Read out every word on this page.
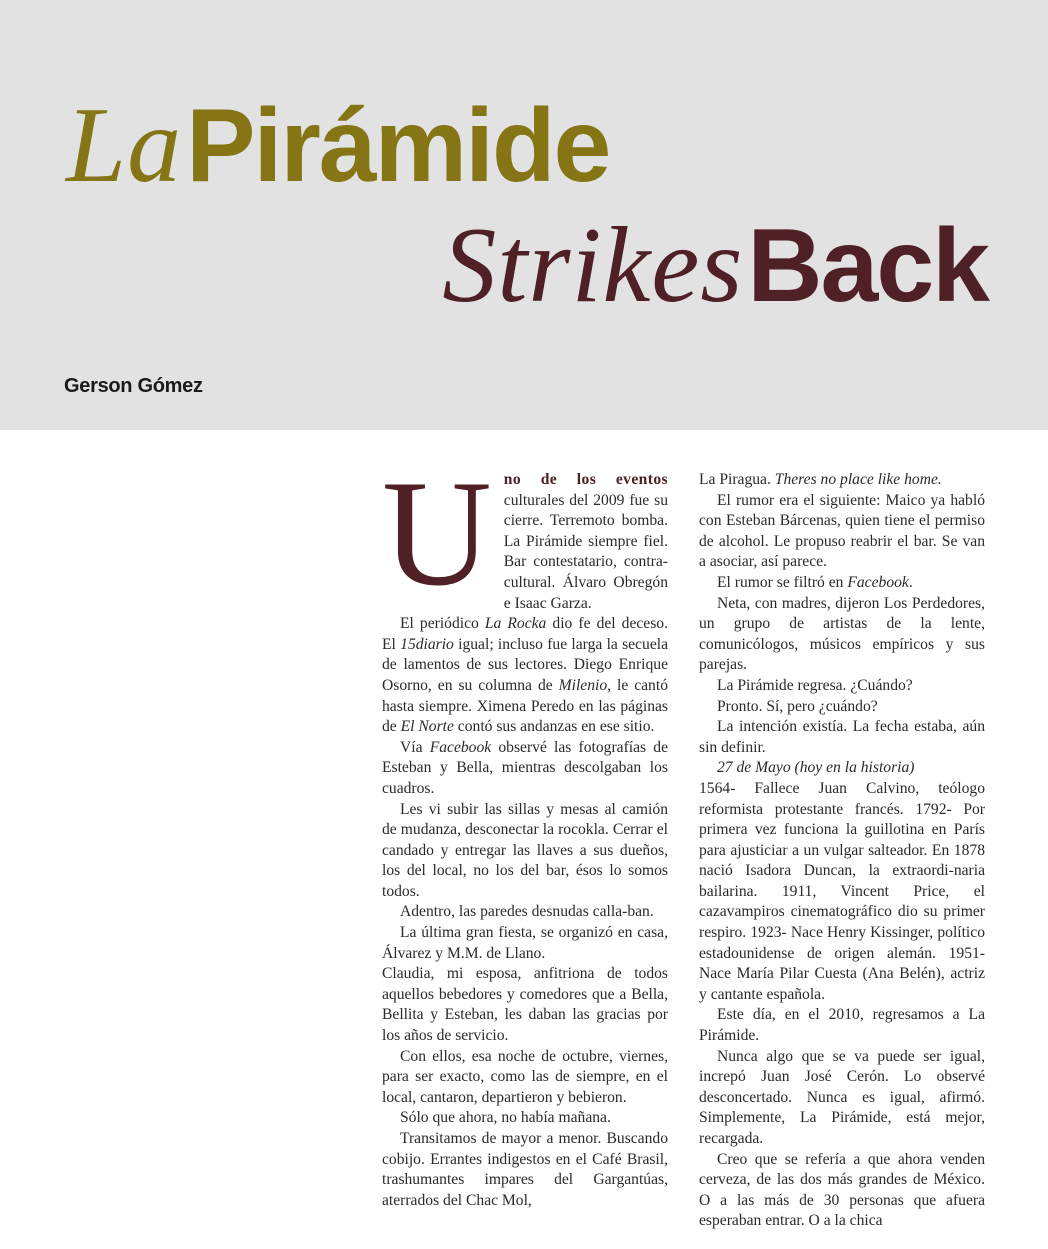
La Pirámide
Strikes Back
Gerson Gómez

Uno de los eventos culturales del 2009 fue su cierre. Terremoto bomba. La Pirámide siempre fiel. Bar contestatario, contra-cultural. Álvaro Obregón e Isaac Garza.

El periódico La Rocka dio fe del deceso. El 15diario igual; incluso fue larga la secuela de lamentos de sus lectores. Diego Enrique Osorno, en su columna de Milenio, le cantó hasta siempre. Ximena Peredo en las páginas de El Norte contó sus andanzas en ese sitio.

Vía Facebook observé las fotografías de Esteban y Bella, mientras descolgaban los cuadros.

Les vi subir las sillas y mesas al camión de mudanza, desconectar la rocokla. Cerrar el candado y entregar las llaves a sus dueños, los del local, no los del bar, ésos lo somos todos.

Adentro, las paredes desnudas calla-ban.

La última gran fiesta, se organizó en casa, Álvarez y M.M. de Llano.

Claudia, mi esposa, anfitriona de todos aquellos bebedores y comedores que a Bella, Bellita y Esteban, les daban las gracias por los años de servicio.

Con ellos, esa noche de octubre, viernes, para ser exacto, como las de siempre, en el local, cantaron, departieron y bebieron.

Sólo que ahora, no había mañana.

Transitamos de mayor a menor. Buscando cobijo. Errantes indigestos en el Café Brasil, trashumantes impares del Gargantúas, aterrados del Chac Mol,

La Piragua. Theres no place like home.

El rumor era el siguiente: Maico ya habló con Esteban Bárcenas, quien tiene el permiso de alcohol. Le propuso reabrir el bar. Se van a asociar, así parece.

El rumor se filtró en Facebook.

Neta, con madres, dijeron Los Perdedores, un grupo de artistas de la lente, comunicólogos, músicos empíricos y sus parejas.

La Pirámide regresa. ¿Cuándo?

Pronto. Sí, pero ¿cuándo?

La intención existía. La fecha estaba, aún sin definir.

27 de Mayo (hoy en la historia)

1564- Fallece Juan Calvino, teólogo reformista protestante francés. 1792- Por primera vez funciona la guillotina en París para ajusticiar a un vulgar salteador. En 1878 nació Isadora Duncan, la extraordi-naria bailarina. 1911, Vincent Price, el cazavampiros cinematográfico dio su primer respiro. 1923- Nace Henry Kissinger, político estadounidense de origen alemán. 1951- Nace María Pilar Cuesta (Ana Belén), actriz y cantante española.

Este día, en el 2010, regresamos a La Pirámide.

Nunca algo que se va puede ser igual, increpó Juan José Cerón. Lo observé desconcertado. Nunca es igual, afirmó. Simplemente, La Pirámide, está mejor, recargada.

Creo que se refería a que ahora venden cerveza, de las dos más grandes de México. O a las más de 30 personas que afuera esperaban entrar. O a la chica
